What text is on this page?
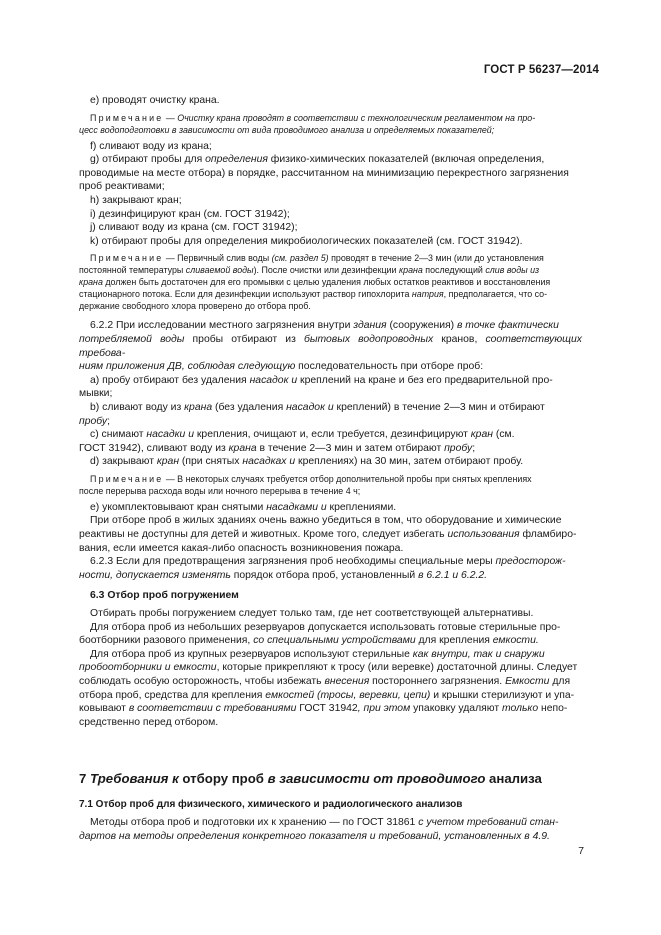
ГОСТ Р 56237—2014

е) проводят очистку крана.

Примечание — Очистку крана проводят в соответствии с технологическим регламентом на про-

цесс водоподготовки в зависимости от вида проводимого анализа и определяемых показателей;

f) сливают воду из крана;

g) отбирают пробы для определения физико-химических показателей (включая определения,

проводимые на месте отбора) в порядке, рассчитанном на минимизацию перекрестного загрязнения

проб реактивами;

h) закрывают кран;

i) дезинфицируют кран (см. ГОСТ 31942);

j) сливают воду из крана (см. ГОСТ 31942);

k) отбирают пробы для определения микробиологических показателей (см. ГОСТ 31942).

Примечание — Первичный слив воды (см. раздел 5) проводят в течение 2—3 мин (или до установления

постоянной температуры сливаемой воды). После очистки или дезинфекции крана последующий слив воды из

крана должен быть достаточен для его промывки с целью удаления любых остатков реактивов и восстановления

стационарного потока. Если для дезинфекции используют раствор гипохлорита натрия, предполагается, что со-

держание свободного хлора проверено до отбора проб.

6.2.2 При исследовании местного загрязнения внутри здания (сооружения) в точке фактически

потребляемой воды пробы отбирают из бытовых водопроводных кранов, соответствующих требова-

ниям приложения ДВ, соблюдая следующую последовательность при отборе проб:

а) пробу отбирают без удаления насадок и креплений на кране и без его предварительной про-

мывки;

b) сливают воду из крана (без удаления насадок и креплений) в течение 2—3 мин и отбирают

пробу;

с) снимают насадки и крепления, очищают и, если требуется, дезинфицируют кран (см.

ГОСТ 31942), сливают воду из крана в течение 2—3 мин и затем отбирают пробу;

d) закрывают кран (при снятых насадках и креплениях) на 30 мин, затем отбирают пробу.

Примечание — В некоторых случаях требуется отбор дополнительной пробы при снятых креплениях

после перерыва расхода воды или ночного перерыва в течение 4 ч;

е) укомплектовывают кран снятыми насадками и креплениями.

При отборе проб в жилых зданиях очень важно убедиться в том, что оборудование и химические

реактивы не доступны для детей и животных. Кроме того, следует избегать использования фламбиро-

вания, если имеется какая-либо опасность возникновения пожара.

6.2.3 Если для предотвращения загрязнения проб необходимы специальные меры предосторож-

ности, допускается изменять порядок отбора проб, установленный в 6.2.1 и 6.2.2.

6.3 Отбор проб погружением

Отбирать пробы погружением следует только там, где нет соответствующей альтернативы.

Для отбора проб из небольших резервуаров допускается использовать готовые стерильные про-

боотборники разового применения, со специальными устройствами для крепления емкости.

Для отбора проб из крупных резервуаров используют стерильные как внутри, так и снаружи

пробоотборники и емкости, которые прикрепляют к тросу (или веревке) достаточной длины. Следует

соблюдать особую осторожность, чтобы избежать внесения постороннего загрязнения. Емкости для

отбора проб, средства для крепления емкостей (тросы, веревки, цепи) и крышки стерилизуют и упа-

ковывают в соответствии с требованиями ГОСТ 31942, при этом упаковку удаляют только непо-

средственно перед отбором.

7 Требования к отбору проб в зависимости от проводимого анализа

7.1 Отбор проб для физического, химического и радиологического анализов

Методы отбора проб и подготовки их к хранению — по ГОСТ 31861 с учетом требований стан-

дартов на методы определения конкретного показателя и требований, установленных в 4.9.

7
